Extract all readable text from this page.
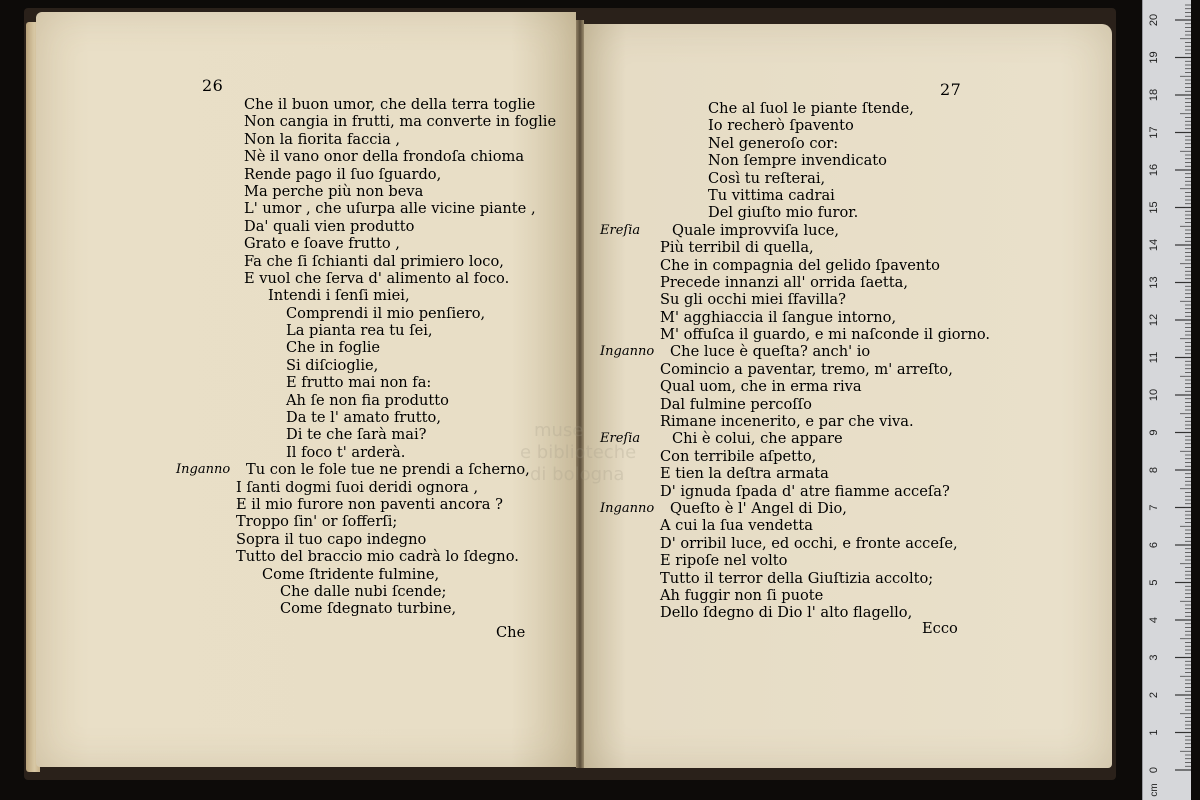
26	27
muse
e biblioteche
di bologna
Che il buon umor, che della terra toglie
Non cangia in frutti, ma converte in foglie
Non la fiorita faccia ,
Nè il vano onor della frondoſa chioma
Rende pago il ſuo ſguardo,
Ma perche più non beva
L' umor , che uſurpa alle vicine piante ,
Da' quali vien produtto
Grato e ſoave frutto ,
Fa che ſi ſchianti dal primiero loco,
E vuol che ſerva d' alimento al foco.
Intendi i ſenſi miei,
Comprendi il mio penſiero,
La pianta rea tu ſei,
Che in foglie
Si diſcioglie,
E frutto mai non fa:
Ah ſe non fia produtto
Da te l' amato frutto,
Di te che ſarà mai?
Il foco t' arderà.
Inganno Tu con le fole tue ne prendi a ſcherno,
I ſanti dogmi ſuoi deridi ognora ,
E il mio furore non paventi ancora ?
Troppo ſin' or ſofferſi;
Sopra il tuo capo indegno
Tutto del braccio mio cadrà lo ſdegno.
Come ſtridente fulmine,
Che dalle nubi ſcende;
Come ſdegnato turbine,
Che al ſuol le piante ſtende,
Io recherò ſpavento
Nel generoſo cor:
Non ſempre invendicato
Così tu reſterai,
Tu vittima cadrai
Del giuſto mio furor.
Ereſia Quale improvviſa luce,
Più terribil di quella,
Che in compagnia del gelido ſpavento
Precede innanzi all' orrida ſaetta,
Su gli occhi miei ſfavilla?
M' agghiaccia il ſangue intorno,
M' offuſca il guardo, e mi naſconde il giorno.
Inganno Che luce è queſta? anch' io
Comincio a paventar, tremo, m' arreſto,
Qual uom, che in erma riva
Dal fulmine percoſſo
Rimane incenerito, e par che viva.
Ereſia Chi è colui, che appare
Con terribile aſpetto,
E tien la deſtra armata
D' ignuda ſpada d' atre fiamme acceſa?
Inganno Queſto è l' Angel di Dio,
A cui la ſua vendetta
D' orribil luce, ed occhi, e fronte acceſe,
E ripoſe nel volto
Tutto il terror della Giuſtizia accolto;
Ah fuggir non ſi puote
Dello ſdegno di Dio l' alto flagello,
Che	Ecco
0
1
2
3
4
5
6
7
8
9
10
11
12
13
14
15
16
17
18
19
20
cm
